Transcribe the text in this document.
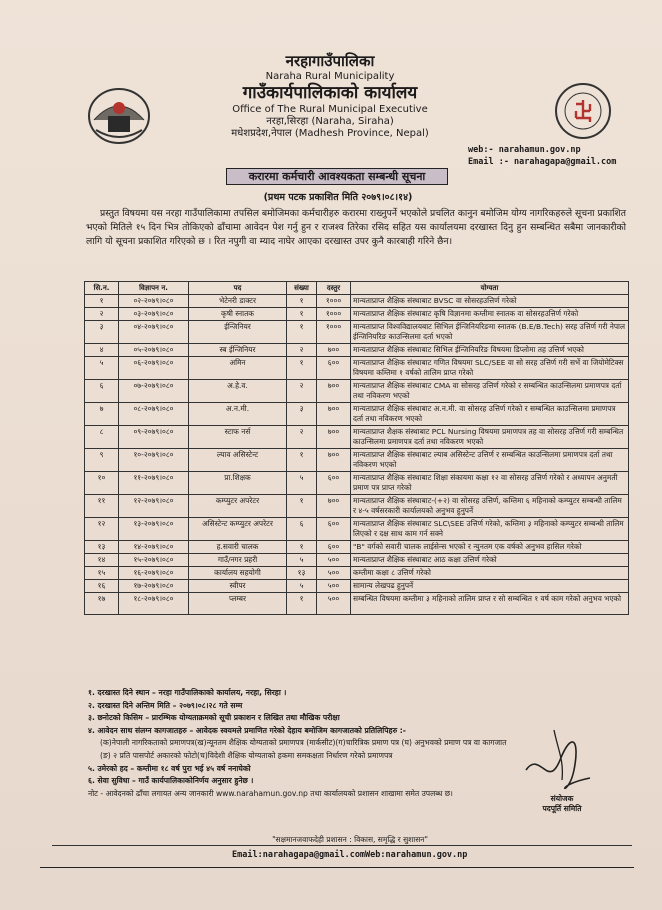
नरहागाउँपालिका
Naraha Rural Municipality
गाउँकार्यपालिकाको कार्यालय
Office of The Rural Municipal Executive
नरहा,सिरहा (Naraha, Siraha)
मधेशप्रदेश,नेपाल (Madhesh Province, Nepal)
web:- narahamun.gov.np
Email :- narahagapa@gmail.com
करारमा कर्मचारी आवश्यकता सम्बन्धी सूचना
(प्रथम पटक प्रकाशित मिति २०७९।०८।१४)
प्रस्तुत विषयमा यस नरहा गाउँपालिकामा तपसिल बमोजिमका कर्मचारीहरु करारमा राख्नुपर्ने भएकोले प्रचलित कानुन बमोजिम योग्य नागरिकहरुले सूचना प्रकाशित भएको मितिले १५ दिन भित्र तोकिएको ढाँचामा आवेदन पेश गर्नु हुन र राजश्व तिरेका रसिद सहित यस कार्यालयमा दरखास्त दिनु हुन सम्बन्धित सबैमा जानकारीको लागि यो सूचना प्रकाशित गरिएको छ । रित नपुगी वा म्याद नाघेर आएका दरखास्त उपर कुनै कारबाही गरिने छैन।
सि.न.	विज्ञापन न.	पद	संख्या	दस्तुर	योग्यता
१	०२-२०७९।०८०	भेटेनरी डाक्टर	१	१०००	मान्यताप्राप्त शैक्षिक संस्थाबाट BVSC वा सोसरहउत्तिर्ण गरेको
२	०३-२०७९।०८०	कृषी स्नातक	१	१०००	मान्यताप्राप्त शैक्षिक संस्थाबाट कृषि विज्ञानमा कम्तीमा स्नातक वा सोसरहउत्तिर्ण गरेको
३	०४-२०७९।०८०	ईन्जिनियर	१	१०००	मान्यताप्राप्त विश्वविद्यालयबाट सिभिल ईन्जिनियरिङमा स्नातक (B.E/B.Tech) सरह उत्तिर्ण गरी नेपाल ईन्जिनियरिङ काउन्सिलमा दर्ता भएको
४	०५-२०७९।०८०	स्ब ईन्जिनियर	२	७००	मान्यताप्राप्त शैक्षिक संस्थाबाट सिभिल ईन्जिनियरिङ विषयमा डिप्लोमा तह उत्तिर्ण भएको
५	०६-२०७९।०८०	अमिन	१	६००	मान्यताप्राप्त शैक्षिक संस्थाबाट गणित विषयमा SLC/SEE वा सो सरह उत्तिर्ण गरी सर्भे वा जियोमेटिक्स विषयमा कम्तिमा १ वर्षको तालिम प्राप्त गरेको
६	०७-२०७९।०८०	अ.हे.व.	२	७००	मान्यताप्राप्त शैक्षिक संस्थाबाट CMA वा सोसरह उत्तिर्ण गरेको र सम्बन्धित काउन्सिलमा प्रमाणपत्र दर्ता तथा नविकरण भएको
७	०८-२०७९।०८०	अ.न.मी.	३	७००	मान्यताप्राप्त शैक्षिक संस्थाबाट अ.न.मी. वा सोसरह उत्तिर्ण गरेको र सम्बन्धित काउन्सिलमा प्रमाणपत्र दर्ता तथा नविकरण भएको
८	०९-२०७९।०८०	स्टाफ नर्स	२	७००	मान्यताप्राप्त शैक्षक संस्थाबाट PCL Nursing विषयमा प्रमाणपत्र तह वा सोसरह उत्तिर्ण गरी सम्बन्धित काउन्सिलमा प्रमाणपत्र दर्ता तथा नविकरण भएको
९	१०-२०७९।०८०	ल्याव असिस्टेन्ट	१	७००	मान्यताप्राप्त शैक्षिक संस्थाबाट ल्याब असिस्टेन्ट उत्तिर्ण र सम्बन्धित काउन्सिलमा प्रमाणपत्र दर्ता तथा नविकरण भएको
१०	११-२०७९।०८०	प्रा.शिक्षक	५	६००	मान्यताप्राप्त शैक्षिक संस्थाबाट शिक्षा संकायमा कक्षा १२ वा सोसरह उत्तिर्ण गरेको र अध्यापन अनुमती प्रमाण पत्र प्राप्त गरेको
११	१२-२०७९।०८०	कम्प्युटर अपरेटर	१	७००	मान्यताप्राप्त शैक्षिक संस्थाबाट-(+२) वा सोसरह उत्तिर्ण, कम्तिमा ६ महिनाको कम्प्युटर सम्बन्धी तालिम र ४-५ वर्षसरकारी कार्यालयको अनुभव हुनुपर्ने
१२	१३-२०७९।०८०	असिस्टेन्ट कम्प्युटर अपरेटर	६	६००	मान्यताप्राप्त शैक्षिक संस्थाबाट SLC\SEE उत्तिर्ण गरेको, कम्तिमा ३ महिनाको कम्प्युटर सम्बन्धी तालिम लिएको र दक्ष साथ काम गर्न सक्ने
१३	१४-२०७९।०८०	ह.सवारी चालक	१	६००	"B" वर्गको सवारी चालक लाईसेन्स भएको र न्युनतम एक वर्षको अनुभव हासिल गरेको
१४	१५-२०७९।०८०	गाउँ/नगर प्रहरी	५	५००	मान्यताप्राप्त शैक्षिक संस्थाबाट आठ कक्षा उत्तिर्ण गरेको
१५	१६-२०७९।०८०	कार्यालय सहयोगी	१३	५००	कम्तीमा कक्षा ८ उत्तिर्ण गरेको
१६	१७-२०७९।०८०	स्वीपर	५	५००	सामान्य लेखपढ हुनुपर्ने
१७	१८-२०७९।०८०	प्लम्बर	१	५००	सम्बन्धित विषयमा कम्तीमा ३ महिनाको तालिम प्राप्त र सो सम्बन्धित १ वर्ष काम गरेको अनुभव भएको
१. दरखास्त दिने स्थान – नरहा गाउँपालिकाको कार्यालय, नरहा, सिरहा ।
२. दरखास्त दिने अन्तिम मिति – २०७९।०८।२८ गते सम्म
३. छनोटको किसिम – प्रारम्भिक योग्यताक्रमको सूची प्रकाशन र लिखित तथा मौखिक परीक्षा
४. आवेदन साथ संलग्न कागजातहरु – आवेदक स्वयमले प्रमाणित गरेको देहाय बमोजिम कागजातको प्रतिलिपिहरु :-
(क)नेपाली नागरिकताको प्रमाणपत्र(ख)न्यूनतम शैक्षिक योग्यताको प्रमाणपत्र (मार्कसीट)(ग)चारित्रिक प्रमाण पत्र (घ) अनुभवको प्रमाण पत्र वा कागजात
(ङ) २ प्रति पासपोर्ट अकारको फोटो(च)विदेशी शैक्षिक योग्यताको हकमा समकक्षता निर्धारण गरेको प्रमाणपत्र
५. उमेरको हद – कम्तीमा १८ वर्ष पुरा भई ४५ वर्ष ननाघेको
६. सेवा सुविधा – गाउँ कार्यपालिकाकोनिर्णय अनुसार हुनेछ ।
नोट - आवेदनको ढाँचा लगायत अन्य जानकारी www.narahamun.gov.np तथा कार्यालयको प्रशासन शाखामा समेत उपलब्ध छ।
संयोजक
पदपूर्ति समिति
"सक्षमानजवाफदेही प्रशासन : विकास, समृद्धि र सुशासन"
Email:narahagapa@gmail.comWeb:narahamun.gov.np
